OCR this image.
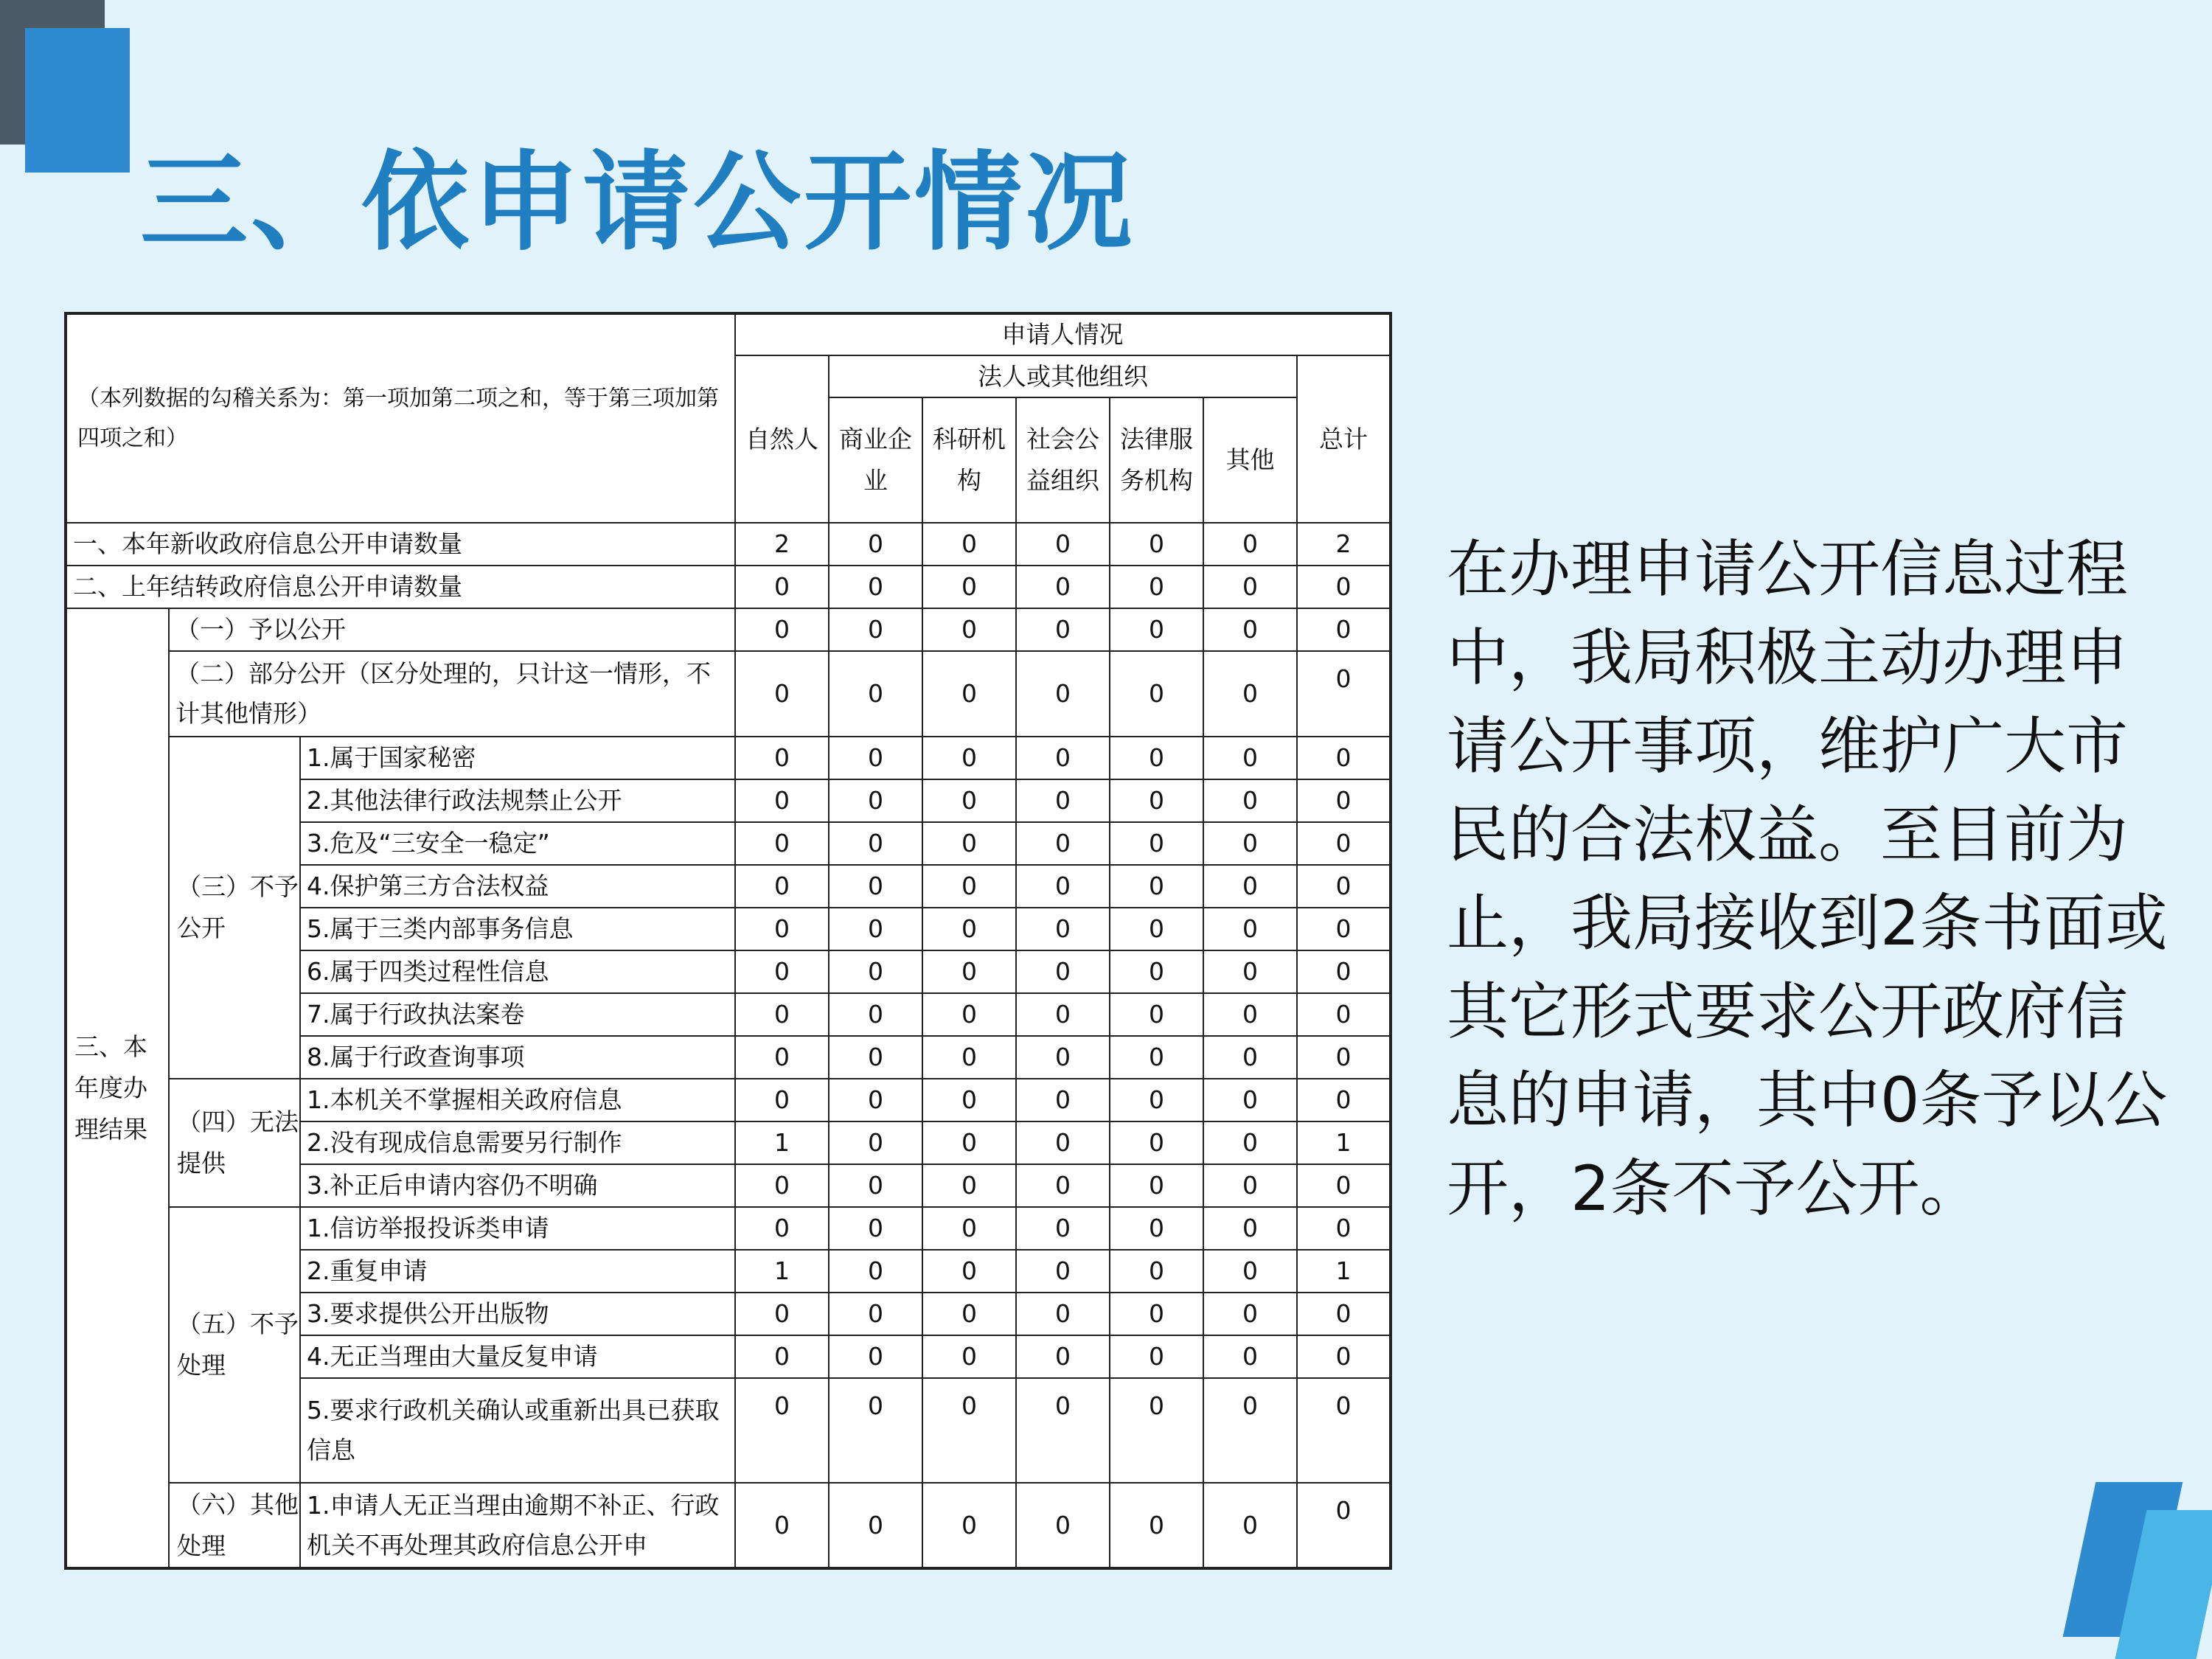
三、依申请公开情况
（本列数据的勾稽关系为：第一项加第二项之和，等于第三项加第四项之和）			申请人情况						
			自然人	法人或其他组织					总计
				商业企业	科研机构	社会公益组织	法律服务机构	其他	
一、本年新收政府信息公开申请数量			2	0	0	0	0	0	2
二、上年结转政府信息公开申请数量			0	0	0	0	0	0	0
三、本年度办理结果	（一）予以公开		0	0	0	0	0	0	0
	（二）部分公开（区分处理的，只计这一情形，不计其他情形）		0	0	0	0	0	0	0
	（三）不予公开	1.属于国家秘密	0	0	0	0	0	0	0
		2.其他法律行政法规禁止公开	0	0	0	0	0	0	0
		3.危及“三安全一稳定”	0	0	0	0	0	0	0
		4.保护第三方合法权益	0	0	0	0	0	0	0
		5.属于三类内部事务信息	0	0	0	0	0	0	0
		6.属于四类过程性信息	0	0	0	0	0	0	0
		7.属于行政执法案卷	0	0	0	0	0	0	0
		8.属于行政查询事项	0	0	0	0	0	0	0
	（四）无法提供	1.本机关不掌握相关政府信息	0	0	0	0	0	0	0
		2.没有现成信息需要另行制作	1	0	0	0	0	0	1
		3.补正后申请内容仍不明确	0	0	0	0	0	0	0
	（五）不予处理	1.信访举报投诉类申请	0	0	0	0	0	0	0
		2.重复申请	1	0	0	0	0	0	1
		3.要求提供公开出版物	0	0	0	0	0	0	0
		4.无正当理由大量反复申请	0	0	0	0	0	0	0
		5.要求行政机关确认或重新出具已获取信息	0	0	0	0	0	0	0
	（六）其他处理	1.申请人无正当理由逾期不补正、行政机关不再处理其政府信息公开申	0	0	0	0	0	0	0
在办理申请公开信息过程中，我局积极主动办理申请公开事项，维护广大市民的合法权益。至目前为止，我局接收到2条书面或其它形式要求公开政府信息的申请，其中0条予以公开，2条不予公开。
